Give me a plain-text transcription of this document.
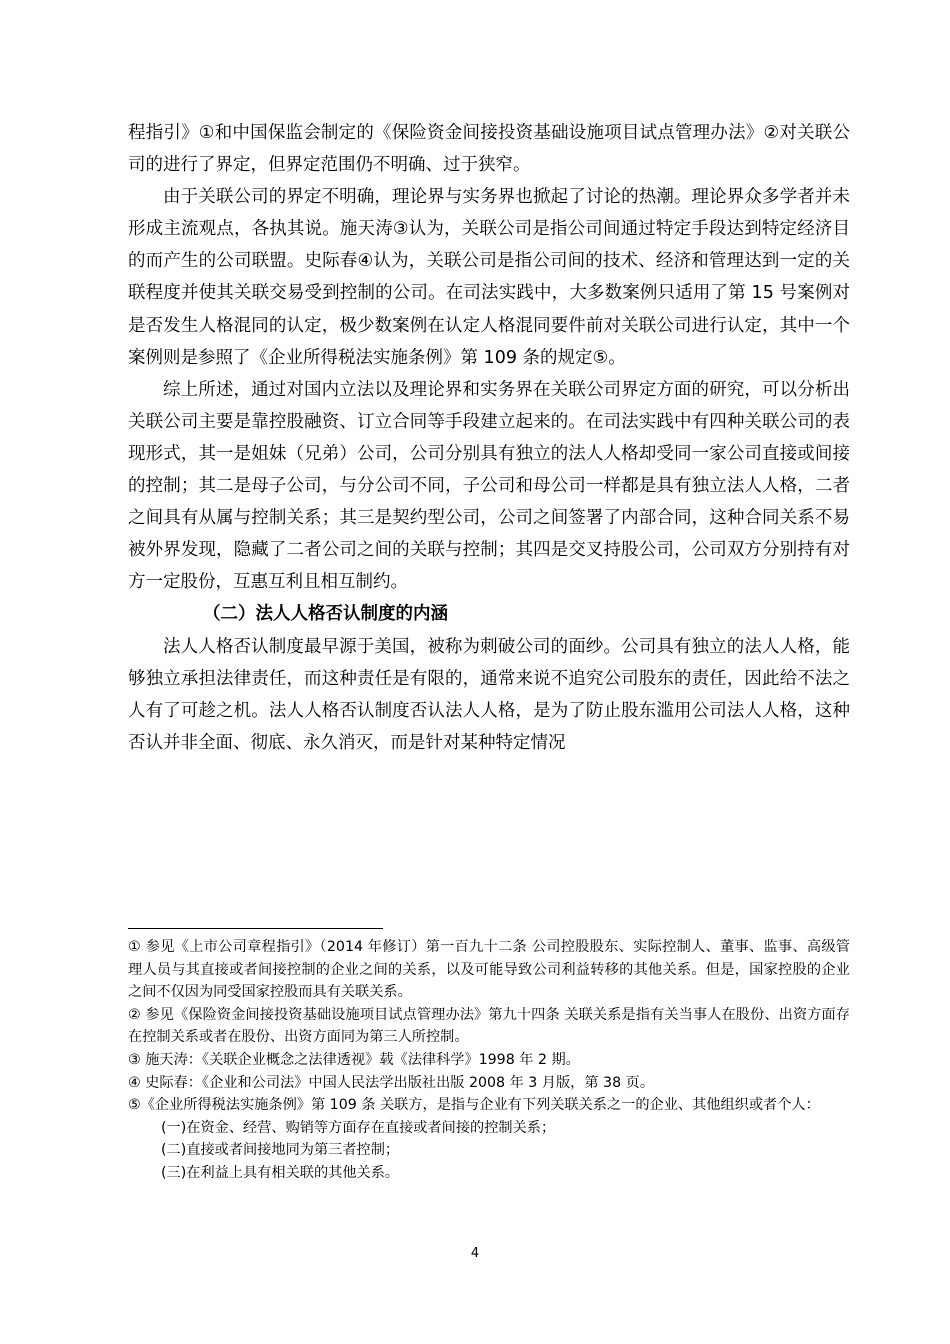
程指引》①和中国保监会制定的《保险资金间接投资基础设施项目试点管理办法》②对关联公司的进行了界定，但界定范围仍不明确、过于狭窄。

由于关联公司的界定不明确，理论界与实务界也掀起了讨论的热潮。理论界众多学者并未形成主流观点，各执其说。施天涛③认为，关联公司是指公司间通过特定手段达到特定经济目的而产生的公司联盟。史际春④认为，关联公司是指公司间的技术、经济和管理达到一定的关联程度并使其关联交易受到控制的公司。在司法实践中，大多数案例只适用了第 15 号案例对是否发生人格混同的认定，极少数案例在认定人格混同要件前对关联公司进行认定，其中一个案例则是参照了《企业所得税法实施条例》第 109 条的规定⑤。

综上所述，通过对国内立法以及理论界和实务界在关联公司界定方面的研究，可以分析出关联公司主要是靠控股融资、订立合同等手段建立起来的。在司法实践中有四种关联公司的表现形式，其一是姐妹（兄弟）公司，公司分别具有独立的法人人格却受同一家公司直接或间接的控制；其二是母子公司，与分公司不同，子公司和母公司一样都是具有独立法人人格，二者之间具有从属与控制关系；其三是契约型公司，公司之间签署了内部合同，这种合同关系不易被外界发现，隐藏了二者公司之间的关联与控制；其四是交叉持股公司，公司双方分别持有对方一定股份，互惠互利且相互制约。

（二）法人人格否认制度的内涵

法人人格否认制度最早源于美国，被称为刺破公司的面纱。公司具有独立的法人人格，能够独立承担法律责任，而这种责任是有限的，通常来说不追究公司股东的责任，因此给不法之人有了可趁之机。法人人格否认制度否认法人人格，是为了防止股东滥用公司法人人格，这种否认并非全面、彻底、永久消灭，而是针对某种特定情况

① 参见《上市公司章程指引》（2014 年修订）第一百九十二条 公司控股股东、实际控制人、董事、监事、高级管理人员与其直接或者间接控制的企业之间的关系，以及可能导致公司利益转移的其他关系。但是，国家控股的企业之间不仅因为同受国家控股而具有关联关系。

② 参见《保险资金间接投资基础设施项目试点管理办法》第九十四条 关联关系是指有关当事人在股份、出资方面存在控制关系或者在股份、出资方面同为第三人所控制。

③ 施天涛：《关联企业概念之法律透视》载《法律科学》1998 年 2 期。

④ 史际春：《企业和公司法》中国人民法学出版社出版 2008 年 3 月版，第 38 页。

⑤《企业所得税法实施条例》第 109 条 关联方，是指与企业有下列关联关系之一的企业、其他组织或者个人：

(一)在资金、经营、购销等方面存在直接或者间接的控制关系；

(二)直接或者间接地同为第三者控制；

(三)在利益上具有相关联的其他关系。

4
